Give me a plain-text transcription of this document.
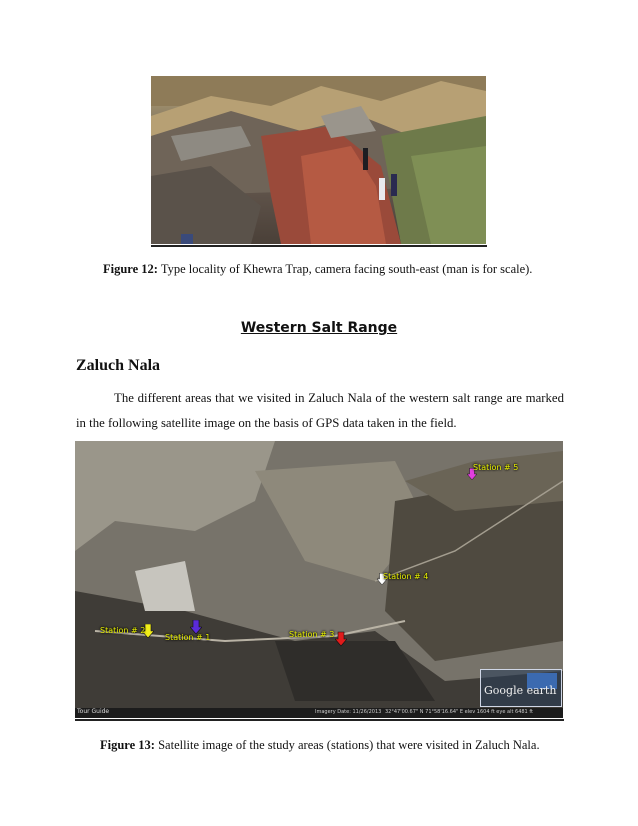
Figure 12: Type locality of Khewra Trap, camera facing south-east (man is for scale).
Western Salt Range
Zaluch Nala
The different areas that we visited in Zaluch Nala of the western salt range are marked in the following satellite image on the basis of GPS data taken in the field.
Station # 1
Station # 2	Station # 3
Station # 4
Station # 5
Google earth
Tour Guide	Imagery Date: 11/26/2013 32°47'00.67" N 71°58'16.64" E elev 1604 ft eye alt 6481 ft
Figure 13: Satellite image of the study areas (stations) that were visited in Zaluch Nala.
